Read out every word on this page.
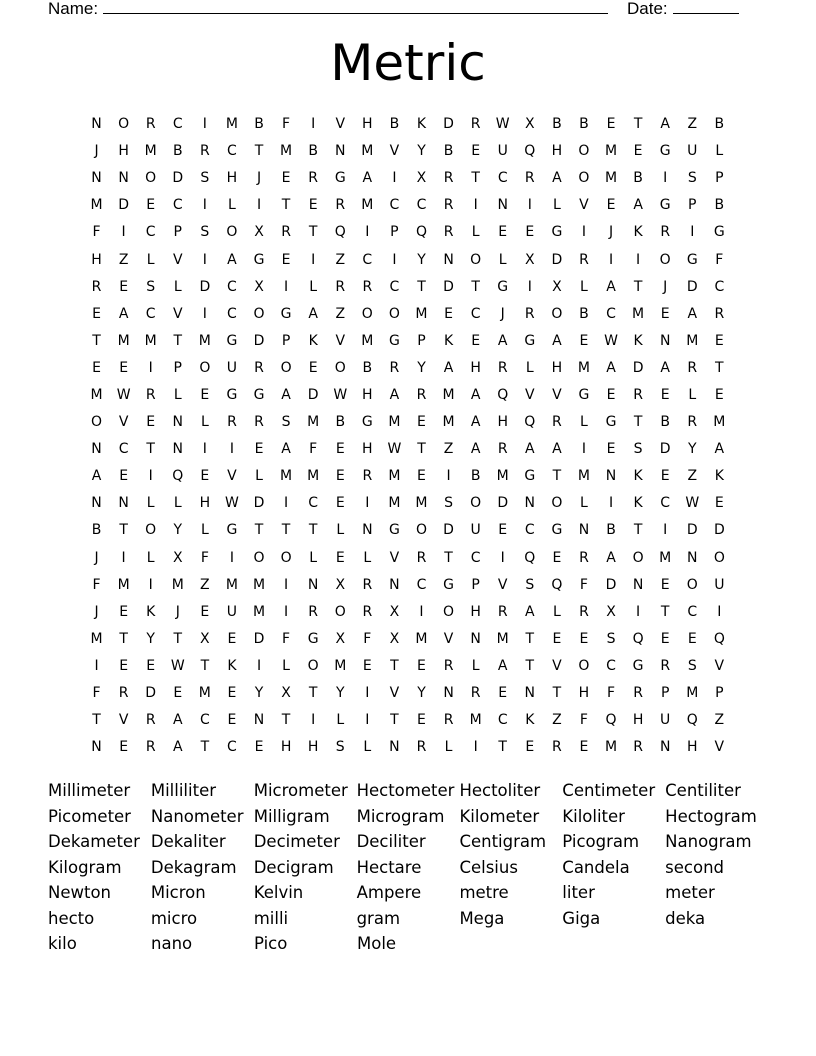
Name:	Date:
Metric
N	O	R	C	I	M	B	F	I	V	H	B	K	D	R	W	X	B	B	E	T	A	Z	B
J	H	M	B	R	C	T	M	B	N	M	V	Y	B	E	U	Q	H	O	M	E	G	U	L
N	N	O	D	S	H	J	E	R	G	A	I	X	R	T	C	R	A	O	M	B	I	S	P
M	D	E	C	I	L	I	T	E	R	M	C	C	R	I	N	I	L	V	E	A	G	P	B
F	I	C	P	S	O	X	R	T	Q	I	P	Q	R	L	E	E	G	I	J	K	R	I	G
H	Z	L	V	I	A	G	E	I	Z	C	I	Y	N	O	L	X	D	R	I	I	O	G	F
R	E	S	L	D	C	X	I	L	R	R	C	T	D	T	G	I	X	L	A	T	J	D	C
E	A	C	V	I	C	O	G	A	Z	O	O	M	E	C	J	R	O	B	C	M	E	A	R
T	M	M	T	M	G	D	P	K	V	M	G	P	K	E	A	G	A	E	W	K	N	M	E
E	E	I	P	O	U	R	O	E	O	B	R	Y	A	H	R	L	H	M	A	D	A	R	T
M	W	R	L	E	G	G	A	D	W	H	A	R	M	A	Q	V	V	G	E	R	E	L	E
O	V	E	N	L	R	R	S	M	B	G	M	E	M	A	H	Q	R	L	G	T	B	R	M
N	C	T	N	I	I	E	A	F	E	H	W	T	Z	A	R	A	A	I	E	S	D	Y	A
A	E	I	Q	E	V	L	M	M	E	R	M	E	I	B	M	G	T	M	N	K	E	Z	K
N	N	L	L	H	W	D	I	C	E	I	M	M	S	O	D	N	O	L	I	K	C	W	E
B	T	O	Y	L	G	T	T	T	L	N	G	O	D	U	E	C	G	N	B	T	I	D	D
J	I	L	X	F	I	O	O	L	E	L	V	R	T	C	I	Q	E	R	A	O	M	N	O
F	M	I	M	Z	M	M	I	N	X	R	N	C	G	P	V	S	Q	F	D	N	E	O	U
J	E	K	J	E	U	M	I	R	O	R	X	I	O	H	R	A	L	R	X	I	T	C	I
M	T	Y	T	X	E	D	F	G	X	F	X	M	V	N	M	T	E	E	S	Q	E	E	Q
I	E	E	W	T	K	I	L	O	M	E	T	E	R	L	A	T	V	O	C	G	R	S	V
F	R	D	E	M	E	Y	X	T	Y	I	V	Y	N	R	E	N	T	H	F	R	P	M	P
T	V	R	A	C	E	N	T	I	L	I	T	E	R	M	C	K	Z	F	Q	H	U	Q	Z
N	E	R	A	T	C	E	H	H	S	L	N	R	L	I	T	E	R	E	M	R	N	H	V
Millimeter	Milliliter	Micrometer Hectometer Hectoliter	Centimeter Centiliter
Picometer	Nanometer Milligram	Microgram Kilometer	Kiloliter	Hectogram
Dekameter Dekaliter	Decimeter	Deciliter	Centigram Picogram	Nanogram
Kilogram	Dekagram	Decigram	Hectare	Celsius	Candela	second
Newton	Micron	Kelvin	Ampere	metre	liter	meter
hecto	micro	milli	gram	Mega	Giga	deka
kilo	nano	Pico	Mole
